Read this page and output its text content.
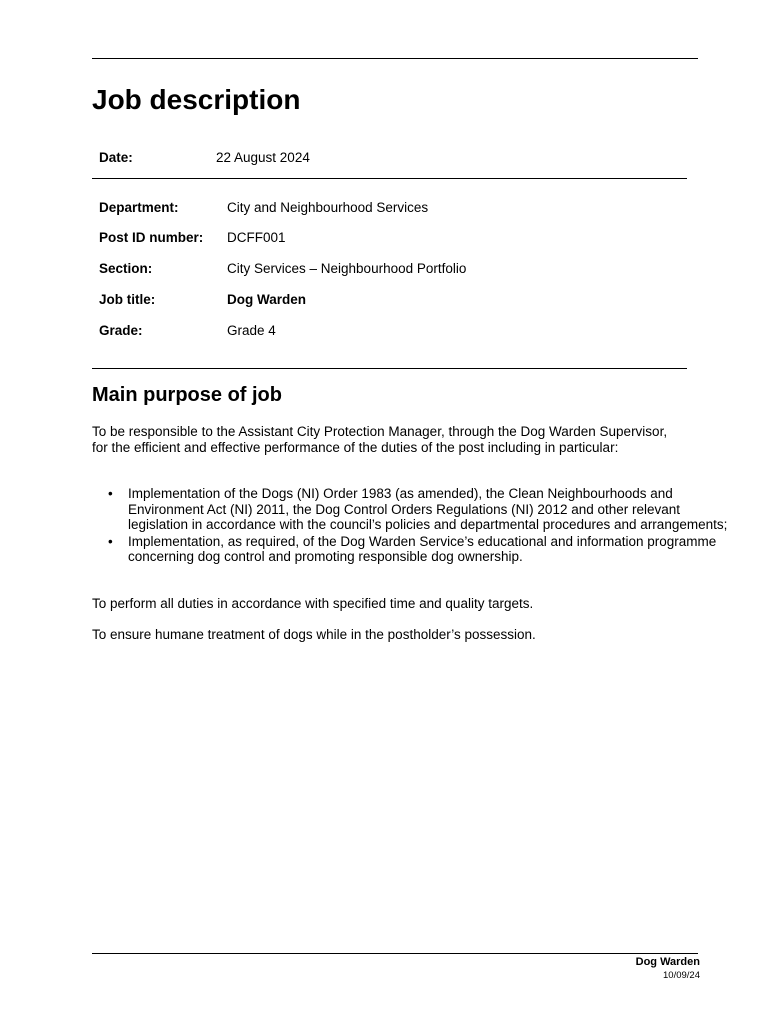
Job description
Date:	22 August 2024
Department:	City and Neighbourhood Services
Post ID number: DCFF001
Section:	City Services – Neighbourhood Portfolio
Job title:	Dog Warden
Grade:	Grade 4
Main purpose of job

To be responsible to the Assistant City Protection Manager, through the Dog Warden Supervisor, for the efficient and effective performance of the duties of the post including in particular:

• Implementation of the Dogs (NI) Order 1983 (as amended), the Clean Neighbourhoods and Environment Act (NI) 2011, the Dog Control Orders Regulations (NI) 2012 and other relevant legislation in accordance with the council’s policies and departmental procedures and arrangements;
• Implementation, as required, of the Dog Warden Service’s educational and information programme concerning dog control and promoting responsible dog ownership.

To perform all duties in accordance with specified time and quality targets.

To ensure humane treatment of dogs while in the postholder’s possession.

Dog Warden
10/09/24
